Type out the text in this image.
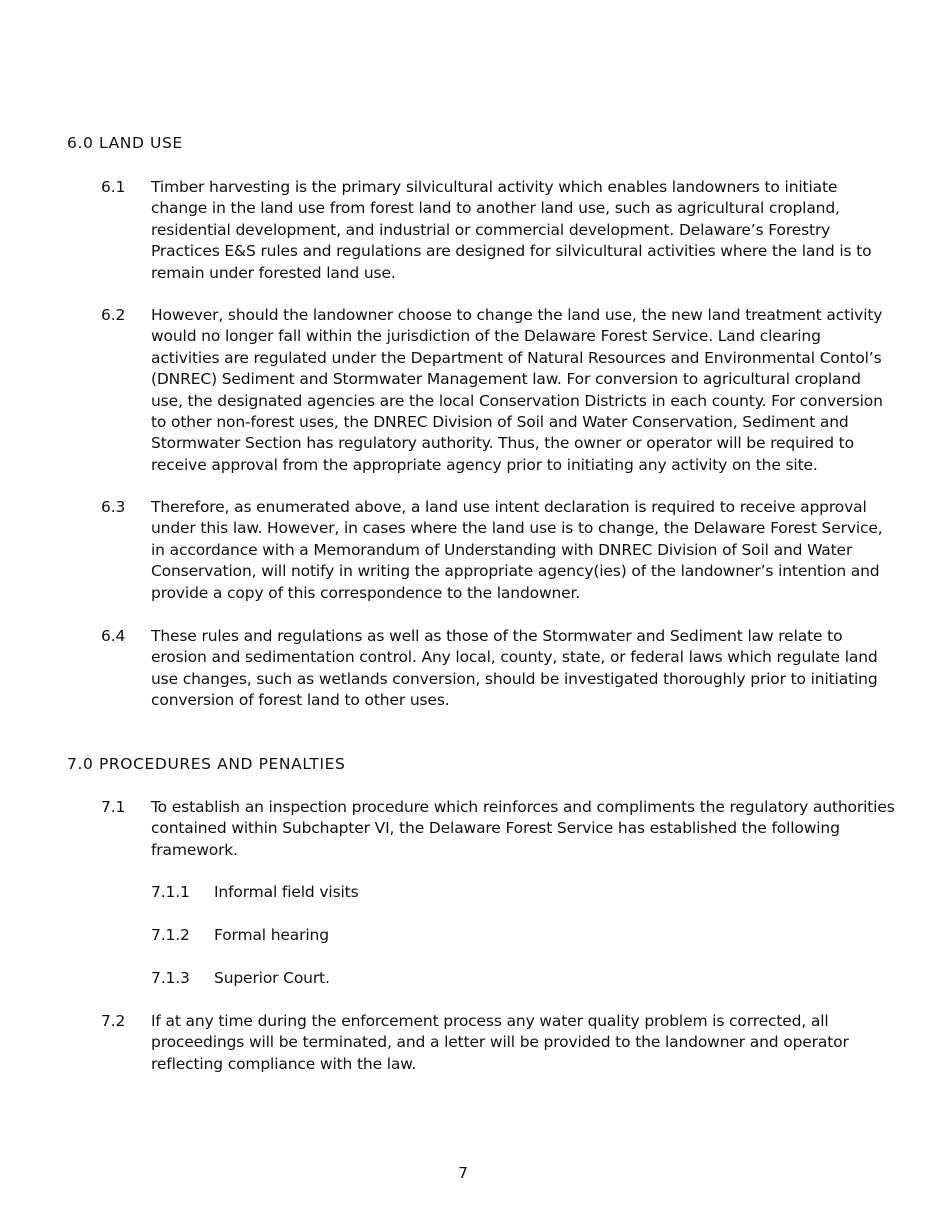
6.0 LAND USE
6.1	Timber harvesting is the primary silvicultural activity which enables landowners to initiate
change in the land use from forest land to another land use, such as agricultural cropland,
residential development, and industrial or commercial development. Delaware’s Forestry
Practices E&S rules and regulations are designed for silvicultural activities where the land is to
remain under forested land use.
6.2	However, should the landowner choose to change the land use, the new land treatment activity
would no longer fall within the jurisdiction of the Delaware Forest Service. Land clearing
activities are regulated under the Department of Natural Resources and Environmental Contol’s
(DNREC) Sediment and Stormwater Management law. For conversion to agricultural cropland
use, the designated agencies are the local Conservation Districts in each county. For conversion
to other non-forest uses, the DNREC Division of Soil and Water Conservation, Sediment and
Stormwater Section has regulatory authority. Thus, the owner or operator will be required to
receive approval from the appropriate agency prior to initiating any activity on the site.
6.3	Therefore, as enumerated above, a land use intent declaration is required to receive approval
under this law. However, in cases where the land use is to change, the Delaware Forest Service,
in accordance with a Memorandum of Understanding with DNREC Division of Soil and Water
Conservation, will notify in writing the appropriate agency(ies) of the landowner’s intention and
provide a copy of this correspondence to the landowner.
6.4	These rules and regulations as well as those of the Stormwater and Sediment law relate to
erosion and sedimentation control. Any local, county, state, or federal laws which regulate land
use changes, such as wetlands conversion, should be investigated thoroughly prior to initiating
conversion of forest land to other uses.
7.0 PROCEDURES AND PENALTIES
7.1	To establish an inspection procedure which reinforces and compliments the regulatory authorities
contained within Subchapter VI, the Delaware Forest Service has established the following
framework.
7.1.1 Informal field visits
7.1.2 Formal hearing
7.1.3 Superior Court.
7.2	If at any time during the enforcement process any water quality problem is corrected, all
proceedings will be terminated, and a letter will be provided to the landowner and operator
reflecting compliance with the law.
7
